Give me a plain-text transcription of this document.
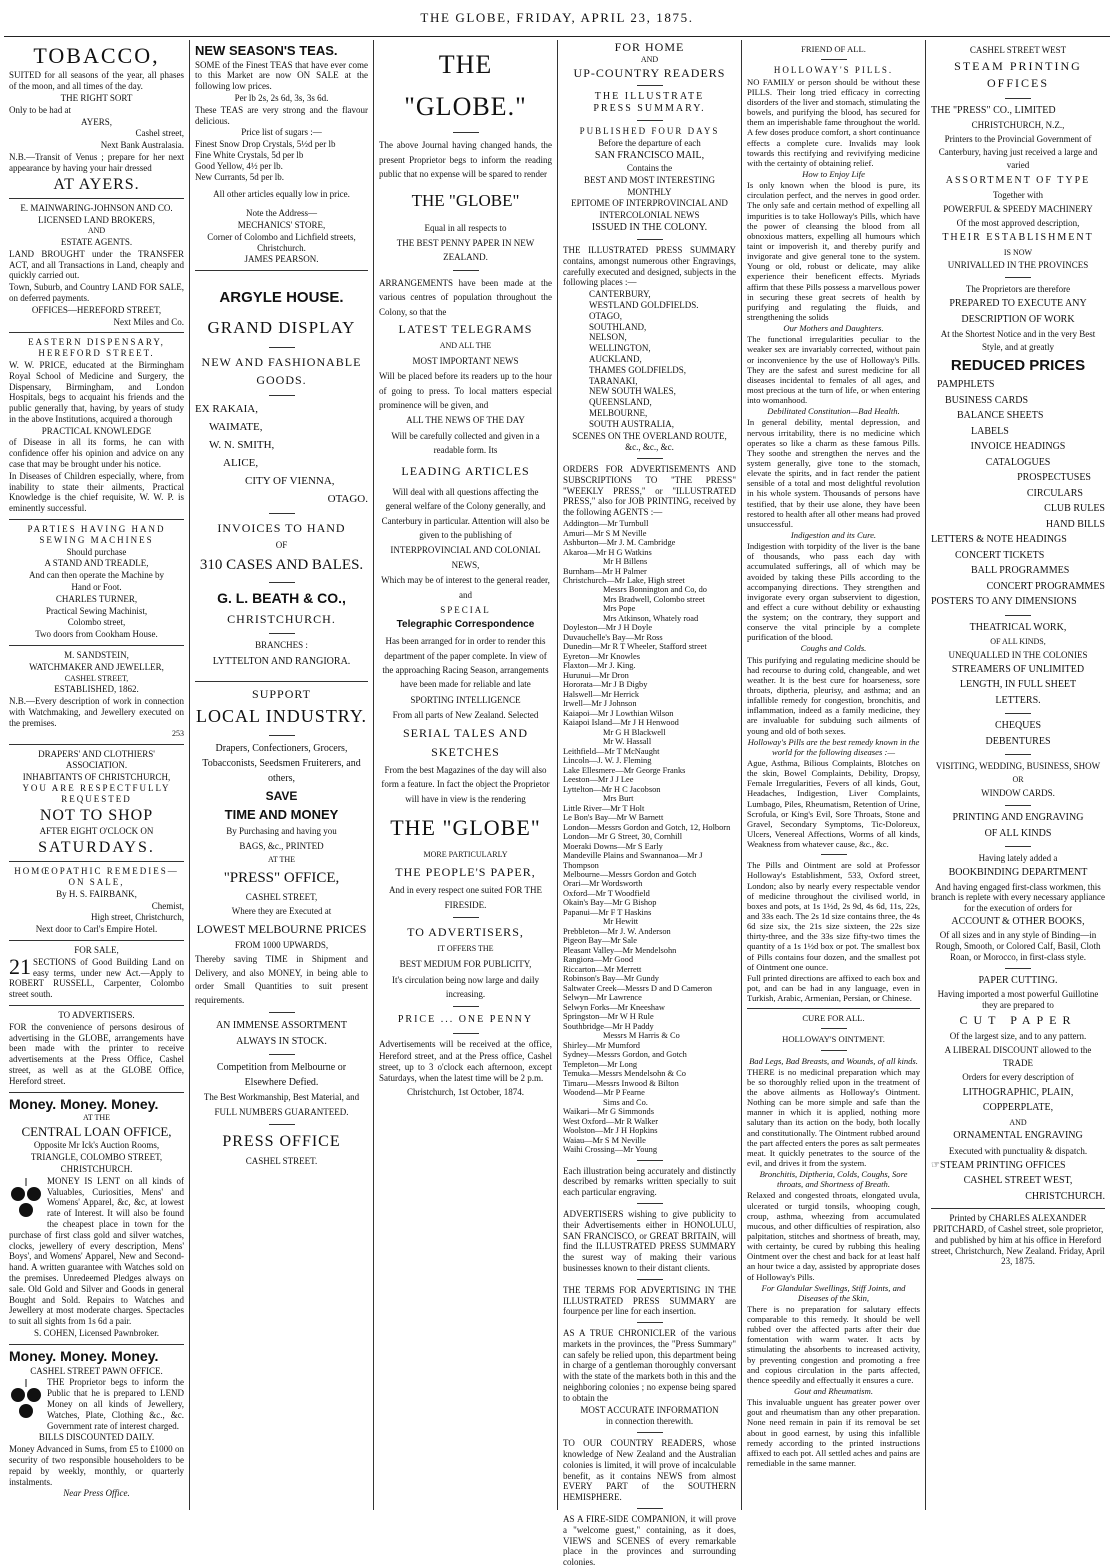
THE GLOBE, FRIDAY, APRIL 23, 1875.
TOBACCO,

SUITED for all seasons of the year, all phases of the moon, and all times of the day.

THE RIGHT SORT

Only to be had at

AYERS,

Cashel street,

Next Bank Australasia.

N.B.—Transit of Venus ; prepare for her next appearance by having your hair dressed

AT AYERS.

E. MAINWARING-JOHNSON AND CO.

LICENSED LAND BROKERS,

AND

ESTATE AGENTS.

LAND BROUGHT under the TRANSFER ACT, and all Transactions in Land, cheaply and quickly carried out.

Town, Suburb, and Country LAND FOR SALE, on deferred payments.

OFFICES—HEREFORD STREET,

Next Miles and Co.

EASTERN DISPENSARY, HEREFORD STREET.

W. W. PRICE, educated at the Birmingham Royal School of Medicine and Surgery, the Dispensary, Birmingham, and London Hospitals, begs to acquaint his friends and the public generally that, having, by years of study in the above Institutions, acquired a thorough

PRACTICAL KNOWLEDGE

of Disease in all its forms, he can with confidence offer his opinion and advice on any case that may be brought under his notice.

In Diseases of Children especially, where, from inability to state their ailments, Practical Knowledge is the chief requisite, W. W. P. is eminently successful.

PARTIES HAVING HAND SEWING MACHINES

Should purchase

A STAND AND TREADLE,

And can then operate the Machine by

Hand or Foot.

CHARLES TURNER,

Practical Sewing Machinist,

Colombo street,

Two doors from Cookham House.

M. SANDSTEIN,

WATCHMAKER AND JEWELLER,

CASHEL STREET,

ESTABLISHED, 1862.

N.B.—Every description of work in connection with Watchmaking, and Jewellery executed on the premises.

253

DRAPERS' AND CLOTHIERS' ASSOCIATION.

INHABITANTS OF CHRISTCHURCH,

YOU ARE RESPECTFULLY REQUESTED

NOT TO SHOP

AFTER EIGHT O'CLOCK ON

SATURDAYS.

HOMŒOPATHIC REMEDIES—ON SALE,

By H. S. FAIRBANK,

Chemist,

High street, Christchurch,

Next door to Carl's Empire Hotel.

FOR SALE,

21 SECTIONS of Good Building Land on easy terms, under new Act.—Apply to ROBERT RUSSELL, Carpenter, Colombo street south.

TO ADVERTISERS.

FOR the convenience of persons desirous of advertising in the GLOBE, arrangements have been made with the printer to receive advertisements at the Press Office, Cashel street, as well as at the GLOBE Office, Hereford street.

Money. Money. Money.

AT THE

CENTRAL LOAN OFFICE,

Opposite Mr Ick's Auction Rooms,

TRIANGLE, COLOMBO STREET,

CHRISTCHURCH.

MONEY IS LENT on all kinds of Valuables, Curiosities, Mens' and Womens' Apparel, &c, &c, at lowest rate of Interest. It will also be found the cheapest place in town for the purchase of first class gold and silver watches, clocks, jewellery of every description, Mens' Boys', and Womens' Apparel, New and Second-hand. A written guarantee with Watches sold on the premises. Unredeemed Pledges always on sale. Old Gold and Silver and Goods in general Bought and Sold. Repairs to Watches and Jewellery at most moderate charges. Spectacles to suit all sights from 1s 6d a pair.

S. COHEN, Licensed Pawnbroker.

Money. Money. Money.

CASHEL STREET PAWN OFFICE.

THE Proprietor begs to inform the Public that he is prepared to LEND Money on all kinds of Jewellery, Watches, Plate, Clothing &c., &c. Government rate of interest charged.

BILLS DISCOUNTED DAILY.

Money Advanced in Sums, from £5 to £1000 on security of two responsible householders to be repaid by weekly, monthly, or quarterly instalments.

Near Press Office.

NEW SEASON'S TEAS.

SOME of the Finest TEAS that have ever come to this Market are now ON SALE at the following low prices.

Per lb 2s, 2s 6d, 3s, 3s 6d.

These TEAS are very strong and the flavour delicious.

Price list of sugars :—

Finest Snow Drop Crystals, 5½d per lb

Fine White Crystals, 5d per lb

Good Yellow, 4½ per lb.

New Currants, 5d per lb.

All other articles equally low in price.

Note the Address—

MECHANICS' STORE,

Corner of Colombo and Lichfield streets, Christchurch.

JAMES PEARSON.

ARGYLE HOUSE.
GRAND DISPLAY
NEW AND FASHIONABLE
GOODS.

EX RAKAIA,

WAIMATE,

W. N. SMITH,

ALICE,

CITY OF VIENNA,

OTAGO.

INVOICES TO HAND

OF

310 CASES AND BALES.
G. L. BEATH & CO.,
CHRISTCHURCH.

BRANCHES :

LYTTELTON AND RANGIORA.

SUPPORT
LOCAL INDUSTRY.

Drapers, Confectioners, Grocers, Tobacconists, Seedsmen Fruiterers, and others,

SAVE
TIME AND MONEY

By Purchasing and having you

BAGS, &c., PRINTED

AT THE

"PRESS" OFFICE,

CASHEL STREET,

Where they are Executed at

LOWEST MELBOURNE PRICES

FROM 1000 UPWARDS,

Thereby saving TIME in Shipment and Delivery, and also MONEY, in being able to order Small Quantities to suit present requirements.

AN IMMENSE ASSORTMENT

ALWAYS IN STOCK.

Competition from Melbourne or Elsewhere Defied.

The Best Workmanship, Best Material, and

FULL NUMBERS GUARANTEED.

PRESS OFFICE

CASHEL STREET.

THE "GLOBE."

The above Journal having changed hands, the present Proprietor begs to inform the reading public that no expense will be spared to render

THE "GLOBE"

Equal in all respects to

THE BEST PENNY PAPER IN NEW ZEALAND.

ARRANGEMENTS have been made at the various centres of population throughout the Colony, so that the

LATEST TELEGRAMS

AND ALL THE

MOST IMPORTANT NEWS

Will be placed before its readers up to the hour of going to press. To local matters especial prominence will be given, and

ALL THE NEWS OF THE DAY

Will be carefully collected and given in a readable form. Its

LEADING ARTICLES

Will deal with all questions affecting the general welfare of the Colony generally, and Canterbury in particular. Attention will also be given to the publishing of

INTERPROVINCIAL AND COLONIAL NEWS,

Which may be of interest to the general reader, and

SPECIAL
Telegraphic Correspondence

Has been arranged for in order to render this department of the paper complete. In view of the approaching Racing Season, arrangements have been made for reliable and late

SPORTING INTELLIGENCE

From all parts of New Zealand. Selected

SERIAL TALES AND
SKETCHES

From the best Magazines of the day will also form a feature. In fact the object the Proprietor will have in view is the rendering

THE "GLOBE"

MORE PARTICULARLY

THE PEOPLE'S PAPER,

And in every respect one suited FOR THE FIRESIDE.

TO ADVERTISERS,

IT OFFERS THE

BEST MEDIUM FOR PUBLICITY,

It's circulation being now large and daily increasing.

PRICE ... ONE PENNY

Advertisements will be received at the office, Hereford street, and at the Press office, Cashel street, up to 3 o'clock each afternoon, except Saturdays, when the latest time will be 2 p.m.

Christchurch, 1st October, 1874.

FOR HOME

AND

UP-COUNTRY READERS
THE ILLUSTRATE
PRESS SUMMARY.

PUBLISHED FOUR DAYS

Before the departure of each

SAN FRANCISCO MAIL,

Contains the

BEST AND MOST INTERESTING

MONTHLY

EPITOME OF INTERPROVINCIAL AND

INTERCOLONIAL NEWS

ISSUED IN THE COLONY.

THE ILLUSTRATED PRESS SUMMARY contains, amongst numerous other Engravings, carefully executed and designed, subjects in the following places :—

CANTERBURY,

WESTLAND GOLDFIELDS.

OTAGO,

SOUTHLAND,

NELSON,

WELLINGTON,

AUCKLAND,

THAMES GOLDFIELDS,

TARANAKI,

NEW SOUTH WALES,

QUEENSLAND,

MELBOURNE,

SOUTH AUSTRALIA,

SCENES ON THE OVERLAND ROUTE,

&c., &c., &c.

ORDERS FOR ADVERTISEMENTS AND SUBSCRIPTIONS TO "THE PRESS" "WEEKLY PRESS," or "ILLUSTRATED PRESS," also for JOB PRINTING, received by the following AGENTS :—

Addington—Mr Turnbull

Amuri—Mr S M Neville

Ashburton—Mr J. M. Cambridge

Akaroa—Mr H G Watkins

Mr H Billens

Burnham—Mr H Palmer

Christchurch—Mr Lake, High street

Messrs Bonnington and Co, do

Mrs Bradwell, Colombo street

Mrs Pope

Mrs Atkinson, Whately road

Doyleston—Mr J H Doyle

Duvauchelle's Bay—Mr Ross

Dunedin—Mr R T Wheeler, Stafford street

Eyreton—Mr Knowles

Flaxton—Mr J. King.

Hurunui—Mr Dron

Hororata—Mr J B Digby

Halswell—Mr Herrick

Irwell—Mr J Johnson

Kaiapoi—Mr J Lowthian Wilson

Kaiapoi Island—Mr J H Henwood

Mr G H Blackwell

Mr W. Hassall

Leithfield—Mr T McNaught

Lincoln—J. W. J. Fleming

Lake Ellesmere—Mr George Franks

Leeston—Mr J J Lee

Lyttelton—Mr H C Jacobson

Mrs Burt

Little River—Mr T Holt

Le Bon's Bay—Mr W Barnett

London—Messrs Gordon and Gotch, 12, Holborn

London—Mr G Street, 30, Cornhill

Moeraki Downs—Mr S Early

Mandeville Plains and Swannanoa—Mr J Thompson

Melbourne—Messrs Gordon and Gotch

Orari—Mr Wordsworth

Oxford—Mr T Woodfield

Okain's Bay—Mr G Bishop

Papanui—Mr F T Haskins

Mr Hewitt

Prebbleton—Mr J. W. Anderson

Pigeon Bay—Mr Sale

Pleasant Valley—Mr Mendelsohn

Rangiora—Mr Good

Riccarton—Mr Merrett

Robinson's Bay—Mr Gundy

Saltwater Creek—Messrs D and D Cameron

Selwyn—Mr Lawrence

Selwyn Forks—Mr Kneeshaw

Springston—Mr W H Rule

Southbridge—Mr H Paddy

Messrs M Harris & Co

Shirley—Mr Mumford

Sydney—Messrs Gordon, and Gotch

Templeton—Mr Long

Temuka—Messrs Mendelsohn & Co

Timaru—Messrs Inwood & Bilton

Woodend—Mr P Fearne

Sims and Co.

Waikari—Mr G Simmonds

West Oxford—Mr R Walker

Woolston—Mr J H Hopkins

Waiau—Mr S M Neville

Waihi Crossing—Mr Young

Each illustration being accurately and distinctly described by remarks written specially to suit each particular engraving.

ADVERTISERS wishing to give publicity to their Advertisements either in HONOLULU, SAN FRANCISCO, or GREAT BRITAIN, will find the ILLUSTRATED PRESS SUMMARY the surest way of making their various businesses known to their distant clients.

THE TERMS FOR ADVERTISING IN THE ILLUSTRATED PRESS SUMMARY are fourpence per line for each insertion.

AS A TRUE CHRONICLER of the various markets in the provinces, the "Press Summary" can safely be relied upon, this department being in charge of a gentleman thoroughly conversant with the state of the markets both in this and the neighboring colonies ; no expense being spared to obtain the

MOST ACCURATE INFORMATION

in connection therewith.

TO OUR COUNTRY READERS, whose knowledge of New Zealand and the Australian colonies is limited, it will prove of incalculable benefit, as it contains NEWS from almost EVERY PART of the SOUTHERN HEMISPHERE.

AS A FIRE-SIDE COMPANION, it will prove a "welcome guest," containing, as it does, VIEWS and SCENES of every remarkable place in the provinces and surrounding colonies.

FRIEND OF ALL.

HOLLOWAY'S PILLS.

NO FAMILY or person should be without these PILLS. Their long tried efficacy in correcting disorders of the liver and stomach, stimulating the bowels, and purifying the blood, has secured for them an imperishable fame throughout the world. A few doses produce comfort, a short continuance effects a complete cure. Invalids may look towards this rectifying and revivifying medicine with the certainty of obtaining relief.

How to Enjoy Life

Is only known when the blood is pure, its circulation perfect, and the nerves in good order. The only safe and certain method of expelling all impurities is to take Holloway's Pills, which have the power of cleansing the blood from all obnoxious matters, expelling all humours which taint or impoverish it, and thereby purify and invigorate and give general tone to the system. Young or old, robust or delicate, may alike experience their beneficent effects. Myriads affirm that these Pills possess a marvellous power in securing these great secrets of health by purifying and regulating the fluids, and strengthening the solids

Our Mothers and Daughters.

The functional irregularities peculiar to the weaker sex are invariably corrected, without pain or inconvenience by the use of Holloway's Pills. They are the safest and surest medicine for all diseases incidental to females of all ages, and most precious at the turn of life, or when entering into womanhood.

Debilitated Constitution—Bad Health.

In general debility, mental depression, and nervous irritability, there is no medicine which operates so like a charm as these famous Pills. They soothe and strengthen the nerves and the system generally, give tone to the stomach, elevate the spirits, and in fact render the patient sensible of a total and most delightful revolution in his whole system. Thousands of persons have testified, that by their use alone, they have been restored to health after all other means had proved unsuccessful.

Indigestion and its Cure.

Indigestion with torpidity of the liver is the bane of thousands, who pass each day with accumulated sufferings, all of which may be avoided by taking these Pills according to the accompanying directions. They strengthen and invigorate every organ subservient to digestion, and effect a cure without debility or exhausting the system; on the contrary, they support and conserve the vital principle by a complete purification of the blood.

Coughs and Colds.

This purifying and regulating medicine should be had recourse to during cold, changeable, and wet weather. It is the best cure for hoarseness, sore throats, diptheria, pleurisy, and asthma; and an infallible remedy for congestion, bronchitis, and inflammation, indeed as a family medicine, they are invaluable for subduing such ailments of young and old of both sexes.

Holloway's Pills are the best remedy known in the world for the following diseases :—

Ague, Asthma, Bilious Complaints, Blotches on the skin, Bowel Complaints, Debility, Dropsy, Female Irregularities, Fevers of all kinds, Gout, Headaches, Indigestion, Liver Complaints, Lumbago, Piles, Rheumatism, Retention of Urine, Scrofula, or King's Evil, Sore Throats, Stone and Gravel, Secondary Symptoms, Tic-Doloreux, Ulcers, Venereal Affections, Worms of all kinds, Weakness from whatever cause, &c., &c.

The Pills and Ointment are sold at Professor Holloway's Establishment, 533, Oxford street, London; also by nearly every respectable vendor of medicine throughout the civilised world, in boxes and pots, at 1s 1½d, 2s 9d, 4s 6d, 11s, 22s, and 33s each. The 2s 1d size contains three, the 4s 6d size six, the 21s size sixteen, the 22s size thirty-three, and the 33s size fifty-two times the quantity of a 1s 1½d box or pot. The smallest box of Pills contains four dozen, and the smallest pot of Ointment one ounce.

Full printed directions are affixed to each box and pot, and can be had in any language, even in Turkish, Arabic, Armenian, Persian, or Chinese.

CURE FOR ALL.

HOLLOWAY'S OINTMENT.

Bad Legs, Bad Breasts, and Wounds, of all kinds.

THERE is no medicinal preparation which may be so thoroughly relied upon in the treatment of the above ailments as Holloway's Ointment. Nothing can be more simple and safe than the manner in which it is applied, nothing more salutary than its action on the body, both locally and constitutionally. The Ointment rubbed around the part affected enters the pores as salt permeates meat. It quickly penetrates to the source of the evil, and drives it from the system.

Bronchitis, Diptheria, Colds, Coughs, Sore throats, and Shortness of Breath.

Relaxed and congested throats, elongated uvula, ulcerated or turgid tonsils, whooping cough, croup, asthma, wheezing from accumulated mucous, and other difficulties of respiration, also palpitation, stitches and shortness of breath, may, with certainty, be cured by rubbing this healing Ointment over the chest and back for at least half an hour twice a day, assisted by appropriate doses of Holloway's Pills.

For Glandular Swellings, Stiff Joints, and Diseases of the Skin,

There is no preparation for salutary effects comparable to this remedy. It should be well rubbed over the affected parts after their due fomentation with warm water. It acts by stimulating the absorbents to increased activity, by preventing congestion and promoting a free and copious circulation in the parts affected, thence speedily and effectually it ensures a cure.

Gout and Rheumatism.

This invaluable unguent has greater power over gout and rheumatism than any other preparation. None need remain in pain if its removal be set about in good earnest, by using this infallible remedy according to the printed instructions affixed to each pot. All settled aches and pains are remediable in the same manner.

CASHEL STREET WEST

STEAM PRINTING OFFICES

THE "PRESS" CO., LIMITED

CHRISTCHURCH, N.Z.,

Printers to the Provincial Government of Canterbury, having just received a large and varied

ASSORTMENT OF TYPE

Together with

POWERFUL & SPEEDY MACHINERY

Of the most approved description,

THEIR ESTABLISHMENT

IS NOW

UNRIVALLED IN THE PROVINCES

The Proprietors are therefore

PREPARED TO EXECUTE ANY

DESCRIPTION OF WORK

At the Shortest Notice and in the very Best Style, and at greatly

REDUCED PRICES

PAMPHLETS

BUSINESS CARDS

BALANCE SHEETS

LABELS

INVOICE HEADINGS

CATALOGUES

PROSPECTUSES

CIRCULARS

CLUB RULES

HAND BILLS

LETTERS & NOTE HEADINGS

CONCERT TICKETS

BALL PROGRAMMES

CONCERT PROGRAMMES

POSTERS TO ANY DIMENSIONS

THEATRICAL WORK,

OF ALL KINDS,

UNEQUALLED IN THE COLONIES

STREAMERS OF UNLIMITED

LENGTH, IN FULL SHEET

LETTERS.

CHEQUES

DEBENTURES

VISITING, WEDDING, BUSINESS, SHOW

OR

WINDOW CARDS.

PRINTING AND ENGRAVING

OF ALL KINDS

Having lately added a

BOOKBINDING DEPARTMENT

And having engaged first-class workmen, this branch is replete with every necessary appliance for the execution of orders for

ACCOUNT & OTHER BOOKS,

Of all sizes and in any style of Binding—in Rough, Smooth, or Colored Calf, Basil, Cloth Roan, or Morocco, in first-class style.

PAPER CUTTING.

Having imported a most powerful Guillotine they are prepared to

CUT PAPER

Of the largest size, and to any pattern.

A LIBERAL DISCOUNT allowed to the TRADE

Orders for every description of

LITHOGRAPHIC, PLAIN,

COPPERPLATE,

AND

ORNAMENTAL ENGRAVING

Executed with punctuality & dispatch.

☞STEAM PRINTING OFFICES

CASHEL STREET WEST,

CHRISTCHURCH.

Printed by CHARLES ALEXANDER PRITCHARD, of Cashel street, sole proprietor, and published by him at his office in Hereford street, Christchurch, New Zealand. Friday, April 23, 1875.
